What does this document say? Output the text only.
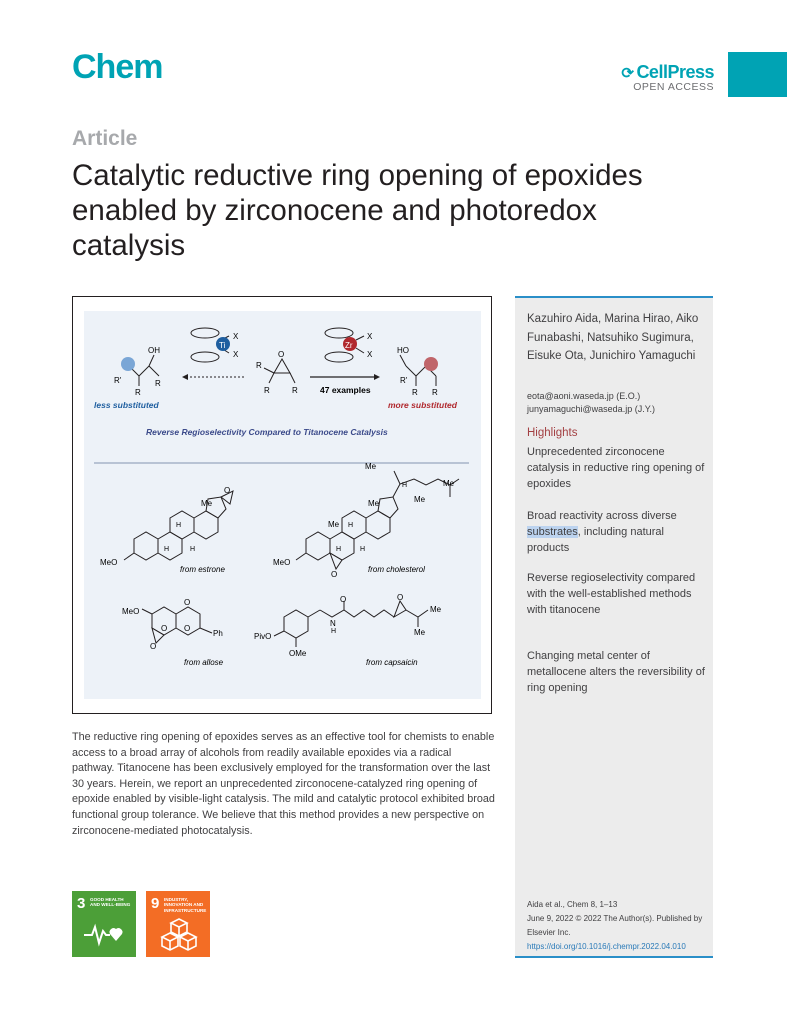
Chem	⟳ CellPress
OPEN ACCESS
Article
Catalytic reductive ring opening of epoxides enabled by zirconocene and photoredox catalysis
Ti	Zr
X
X
X
X
OH
R'
R
R
R
O
R	R
HO
R'
R R
47 examples
less substituted	more substituted
Reverse Regioselectivity Compared to Titanocene Catalysis
MeO
Me
O
H
H	H
from estrone
MeO
Me
Me
Me
Me
Me
H
H
H	H
O
from cholesterol
MeO
O
O O
O
Ph
from allose
PivO
OMe
N
H
O	O
Me
Me
from capsaicin
Kazuhiro Aida, Marina Hirao, Aiko Funabashi, Natsuhiko Sugimura, Eisuke Ota, Junichiro Yamaguchi
eota@aoni.waseda.jp (E.O.)
junyamaguchi@waseda.jp (J.Y.)
Highlights
Unprecedented zirconocene catalysis in reductive ring opening of epoxides
Broad reactivity across diverse substrates, including natural products
Reverse regioselectivity compared with the well-established methods with titanocene
Changing metal center of metallocene alters the reversibility of ring opening
Aida et al., Chem 8, 1–13
June 9, 2022 © 2022 The Author(s). Published by Elsevier Inc.
https://doi.org/10.1016/j.chempr.2022.04.010
The reductive ring opening of epoxides serves as an effective tool for chemists to enable access to a broad array of alcohols from readily available epoxides via a radical pathway. Titanocene has been exclusively employed for the transformation over the last 30 years. Herein, we report an unprecedented zirconocene-catalyzed ring opening of epoxide enabled by visible-light catalysis. The mild and catalytic protocol exhibited broad functional group tolerance. We believe that this method provides a new perspective on zirconocene-mediated photocatalysis.
3 GOOD HEALTH AND WELL-BEING 9 INDUSTRY, INNOVATION AND INFRASTRUCTURE
